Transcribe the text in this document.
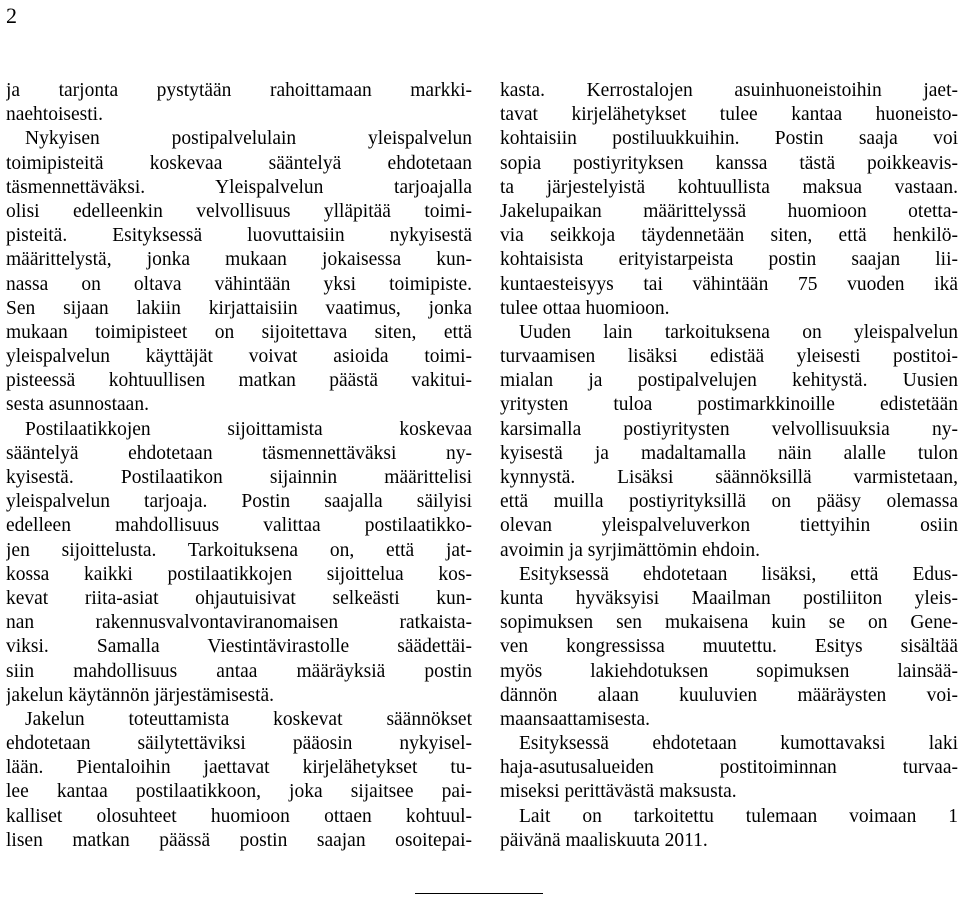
2
ja tarjonta pystytään rahoittamaan markki-
naehtoisesti.
Nykyisen postipalvelulain yleispalvelun
toimipisteitä koskevaa sääntelyä ehdotetaan
täsmennettäväksi. Yleispalvelun tarjoajalla
olisi edelleenkin velvollisuus ylläpitää toimi-
pisteitä. Esityksessä luovuttaisiin nykyisestä
määrittelystä, jonka mukaan jokaisessa kun-
nassa on oltava vähintään yksi toimipiste.
Sen sijaan lakiin kirjattaisiin vaatimus, jonka
mukaan toimipisteet on sijoitettava siten, että
yleispalvelun käyttäjät voivat asioida toimi-
pisteessä kohtuullisen matkan päästä vakitui-
sesta asunnostaan.
Postilaatikkojen sijoittamista koskevaa
sääntelyä ehdotetaan täsmennettäväksi ny-
kyisestä. Postilaatikon sijainnin määrittelisi
yleispalvelun tarjoaja. Postin saajalla säilyisi
edelleen mahdollisuus valittaa postilaatikko-
jen sijoittelusta. Tarkoituksena on, että jat-
kossa kaikki postilaatikkojen sijoittelua kos-
kevat riita-asiat ohjautuisivat selkeästi kun-
nan rakennusvalvontaviranomaisen ratkaista-
viksi. Samalla Viestintävirastolle säädettäi-
siin mahdollisuus antaa määräyksiä postin
jakelun käytännön järjestämisestä.
Jakelun toteuttamista koskevat säännökset
ehdotetaan säilytettäviksi pääosin nykyisel-
lään. Pientaloihin jaettavat kirjelähetykset tu-
lee kantaa postilaatikkoon, joka sijaitsee pai-
kalliset olosuhteet huomioon ottaen kohtuul-
lisen matkan päässä postin saajan osoitepai-
kasta. Kerrostalojen asuinhuoneistoihin jaet-
tavat kirjelähetykset tulee kantaa huoneisto-
kohtaisiin postiluukkuihin. Postin saaja voi
sopia postiyrityksen kanssa tästä poikkeavis-
ta järjestelyistä kohtuullista maksua vastaan.
Jakelupaikan määrittelyssä huomioon otetta-
via seikkoja täydennetään siten, että henkilö-
kohtaisista erityistarpeista postin saajan lii-
kuntaesteisyys tai vähintään 75 vuoden ikä
tulee ottaa huomioon.
Uuden lain tarkoituksena on yleispalvelun
turvaamisen lisäksi edistää yleisesti postitoi-
mialan ja postipalvelujen kehitystä. Uusien
yritysten tuloa postimarkkinoille edistetään
karsimalla postiyritysten velvollisuuksia ny-
kyisestä ja madaltamalla näin alalle tulon
kynnystä. Lisäksi säännöksillä varmistetaan,
että muilla postiyrityksillä on pääsy olemassa
olevan yleispalveluverkon tiettyihin osiin
avoimin ja syrjimättömin ehdoin.
Esityksessä ehdotetaan lisäksi, että Edus-
kunta hyväksyisi Maailman postiliiton yleis-
sopimuksen sen mukaisena kuin se on Gene-
ven kongressissa muutettu. Esitys sisältää
myös lakiehdotuksen sopimuksen lainsää-
dännön alaan kuuluvien määräysten voi-
maansaattamisesta.
Esityksessä ehdotetaan kumottavaksi laki
haja-asutusalueiden postitoiminnan turvaa-
miseksi perittävästä maksusta.
Lait on tarkoitettu tulemaan voimaan 1
päivänä maaliskuuta 2011.
